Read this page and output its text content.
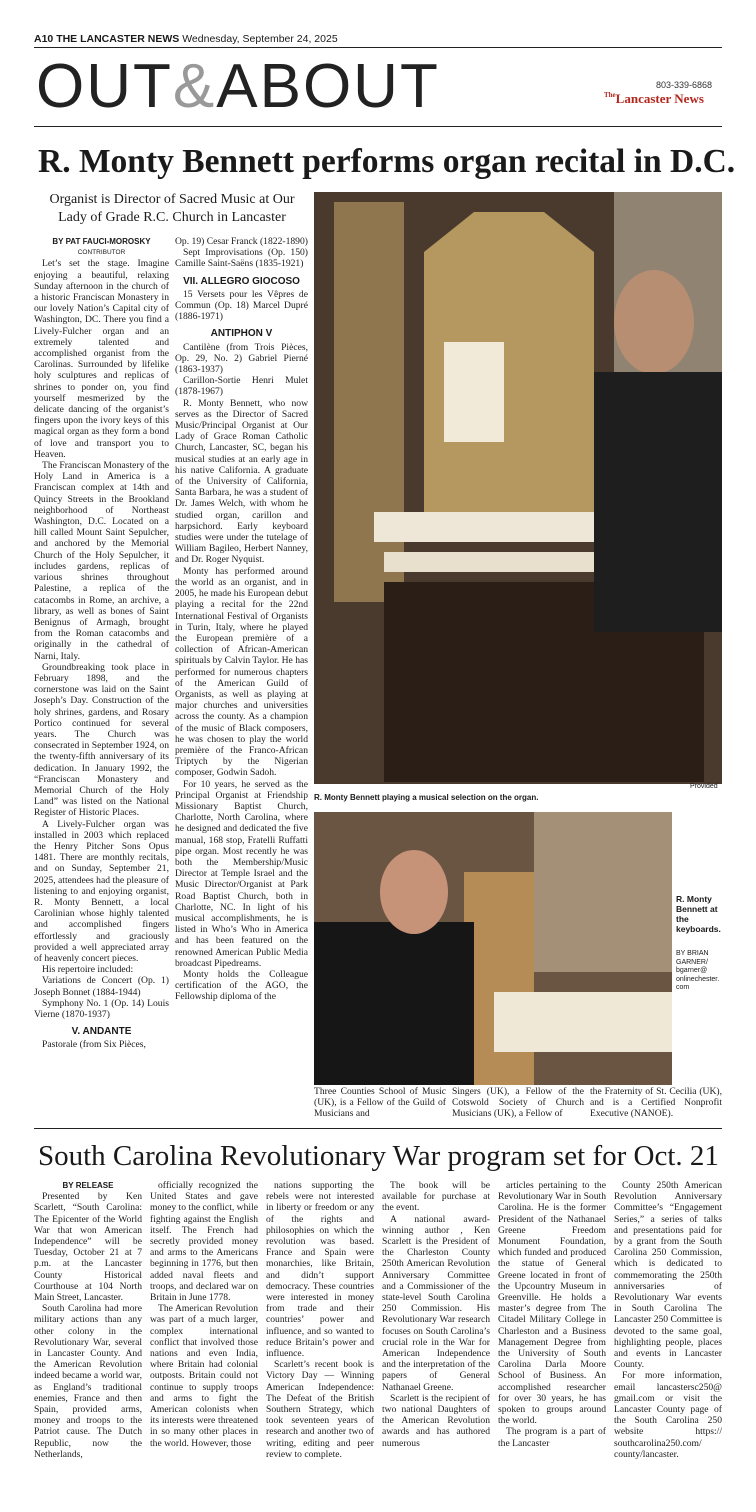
A10 THE LANCASTER NEWS Wednesday, September 24, 2025
OUT&ABOUT	803-339-6868
$^{The}$Lancaster News
R. Monty Bennett performs organ recital in D.C.
Organist is Director of Sacred Music at Our Lady of Grade R.C. Church in Lancaster

BY PAT FAUCI-MOROSKY
CONTRIBUTOR

Let’s set the stage. Imagine enjoying a beautiful, relaxing Sunday afternoon in the church of a historic Franciscan Monastery in our lovely Nation’s Capital city of Washington, DC. There you find a Lively-Fulcher organ and an extremely talented and accomplished organist from the Carolinas. Surrounded by lifelike holy sculptures and replicas of shrines to ponder on, you find yourself mesmerized by the delicate dancing of the organist’s fingers upon the ivory keys of this magical organ as they form a bond of love and transport you to Heaven.

The Franciscan Monastery of the Holy Land in America is a Franciscan complex at 14th and Quincy Streets in the Brookland neighborhood of Northeast Washington, D.C. Located on a hill called Mount Saint Sepulcher, and anchored by the Memorial Church of the Holy Sepulcher, it includes gardens, replicas of various shrines throughout Palestine, a replica of the catacombs in Rome, an archive, a library, as well as bones of Saint Benignus of Armagh, brought from the Roman catacombs and originally in the cathedral of Narni, Italy.

Groundbreaking took place in February 1898, and the cornerstone was laid on the Saint Joseph’s Day. Construction of the holy shrines, gardens, and Rosary Portico continued for several years. The Church was consecrated in September 1924, on the twenty-fifth anniversary of its dedication. In January 1992, the “Franciscan Monastery and Memorial Church of the Holy Land” was listed on the National Register of Historic Places.

A Lively-Fulcher organ was installed in 2003 which replaced the Henry Pitcher Sons Opus 1481. There are monthly recitals, and on Sunday, September 21, 2025, attendees had the pleasure of listening to and enjoying organist, R. Monty Bennett, a local Carolinian whose highly talented and accomplished fingers effortlessly and graciously provided a well appreciated array of heavenly concert pieces.

His repertoire included:

Variations de Concert (Op. 1) Joseph Bonnet (1884-1944)

Symphony No. 1 (Op. 14) Louis Vierne (1870-1937)

V. ANDANTE

Pastorale (from Six Pièces,

Op. 19) Cesar Franck (1822-1890)

Sept Improvisations (Op. 150) Camille Saint-Saëns (1835-1921)

VII. ALLEGRO GIOCOSO

15 Versets pour les Vêpres de Commun (Op. 18) Marcel Dupré (1886-1971)

ANTIPHON V

Cantilène (from Trois Pièces, Op. 29, No. 2) Gabriel Pierné (1863-1937)

Carillon-Sortie Henri Mulet (1878-1967)

R. Monty Bennett, who now serves as the Director of Sacred Music/Principal Organist at Our Lady of Grace Roman Catholic Church, Lancaster, SC, began his musical studies at an early age in his native California. A graduate of the University of California, Santa Barbara, he was a student of Dr. James Welch, with whom he studied organ, carillon and harpsichord. Early keyboard studies were under the tutelage of William Bagileo, Herbert Nanney, and Dr. Roger Nyquist.

Monty has performed around the world as an organist, and in 2005, he made his European debut playing a recital for the 22nd International Festival of Organists in Turin, Italy, where he played the European première of a collection of African-American spirituals by Calvin Taylor. He has performed for numerous chapters of the American Guild of Organists, as well as playing at major churches and universities across the county. As a champion of the music of Black composers, he was chosen to play the world première of the Franco-African Triptych by the Nigerian composer, Godwin Sadoh.

For 10 years, he served as the Principal Organist at Friendship Missionary Baptist Church, Charlotte, North Carolina, where he designed and dedicated the five manual, 168 stop, Fratelli Ruffatti pipe organ. Most recently he was both the Membership/Music Director at Temple Israel and the Music Director/Organist at Park Road Baptist Church, both in Charlotte, NC. In light of his musical accomplishments, he is listed in Who’s Who in America and has been featured on the renowned American Public Media broadcast Pipedreams.

Monty holds the Colleague certification of the AGO, the Fellowship diploma of the

Provided
R. Monty Bennett playing a musical selection on the organ.
R. Monty Bennett at the keyboards.
BY BRIAN GARNER/ bgarner@ onlinechester. com
Three Counties School of Music (UK), is a Fellow of the Guild of Musicians and
Singers (UK), a Fellow of the Cotswold Society of Church Musicians (UK), a Fellow of
the Fraternity of St. Cecilia (UK), and is a Certified Nonprofit Executive (NANOE).
South Carolina Revolutionary War program set for Oct. 21

BY RELEASE

Presented by Ken Scarlett, “South Carolina: The Epicenter of the World War that won American Independence” will be Tuesday, October 21 at 7 p.m. at the Lancaster County Historical Courthouse at 104 North Main Street, Lancaster.

South Carolina had more military actions than any other colony in the Revolutionary War, several in Lancaster County. And the American Revolution indeed became a world war, as England’s traditional enemies, France and then Spain, provided arms, money and troops to the Patriot cause. The Dutch Republic, now the Netherlands,

officially recognized the United States and gave money to the conflict, while fighting against the English itself. The French had secretly provided money and arms to the Americans beginning in 1776, but then added naval fleets and troops, and declared war on Britain in June 1778.

The American Revolution was part of a much larger, complex international conflict that involved those nations and even India, where Britain had colonial outposts. Britain could not continue to supply troops and arms to fight the American colonists when its interests were threatened in so many other places in the world. However, those

nations supporting the rebels were not interested in liberty or freedom or any of the rights and philosophies on which the revolution was based. France and Spain were monarchies, like Britain, and didn’t support democracy. These countries were interested in money from trade and their countries’ power and influence, and so wanted to reduce Britain’s power and influence.

Scarlett’s recent book is Victory Day — Winning American Independence: The Defeat of the British Southern Strategy, which took seventeen years of research and another two of writing, editing and peer review to complete.

The book will be available for purchase at the event.

A national award-winning author , Ken Scarlett is the President of the Charleston County 250th American Revolution Anniversary Committee and a Commissioner of the state-level South Carolina 250 Commission. His Revolutionary War research focuses on South Carolina’s crucial role in the War for American Independence and the interpretation of the papers of General Nathanael Greene.

Scarlett is the recipient of two national Daughters of the American Revolution awards and has authored numerous

articles pertaining to the Revolutionary War in South Carolina. He is the former President of the Nathanael Greene Freedom Monument Foundation, which funded and produced the statue of General Greene located in front of the Upcountry Museum in Greenville. He holds a master’s degree from The Citadel Military College in Charleston and a Business Management Degree from the University of South Carolina Darla Moore School of Business. An accomplished researcher for over 30 years, he has spoken to groups around the world.

The program is a part of the Lancaster

County 250th American Revolution Anniversary Committee’s “Engagement Series,” a series of talks and presentations paid for by a grant from the South Carolina 250 Commission, which is dedicated to commemorating the 250th anniversaries of Revolutionary War events in South Carolina The Lancaster 250 Committee is devoted to the same goal, highlighting people, places and events in Lancaster County.

For more information, email lancastersc250@ gmail.com or visit the Lancaster County page of the South Carolina 250 website https:// southcarolina250.com/ county/lancaster.
